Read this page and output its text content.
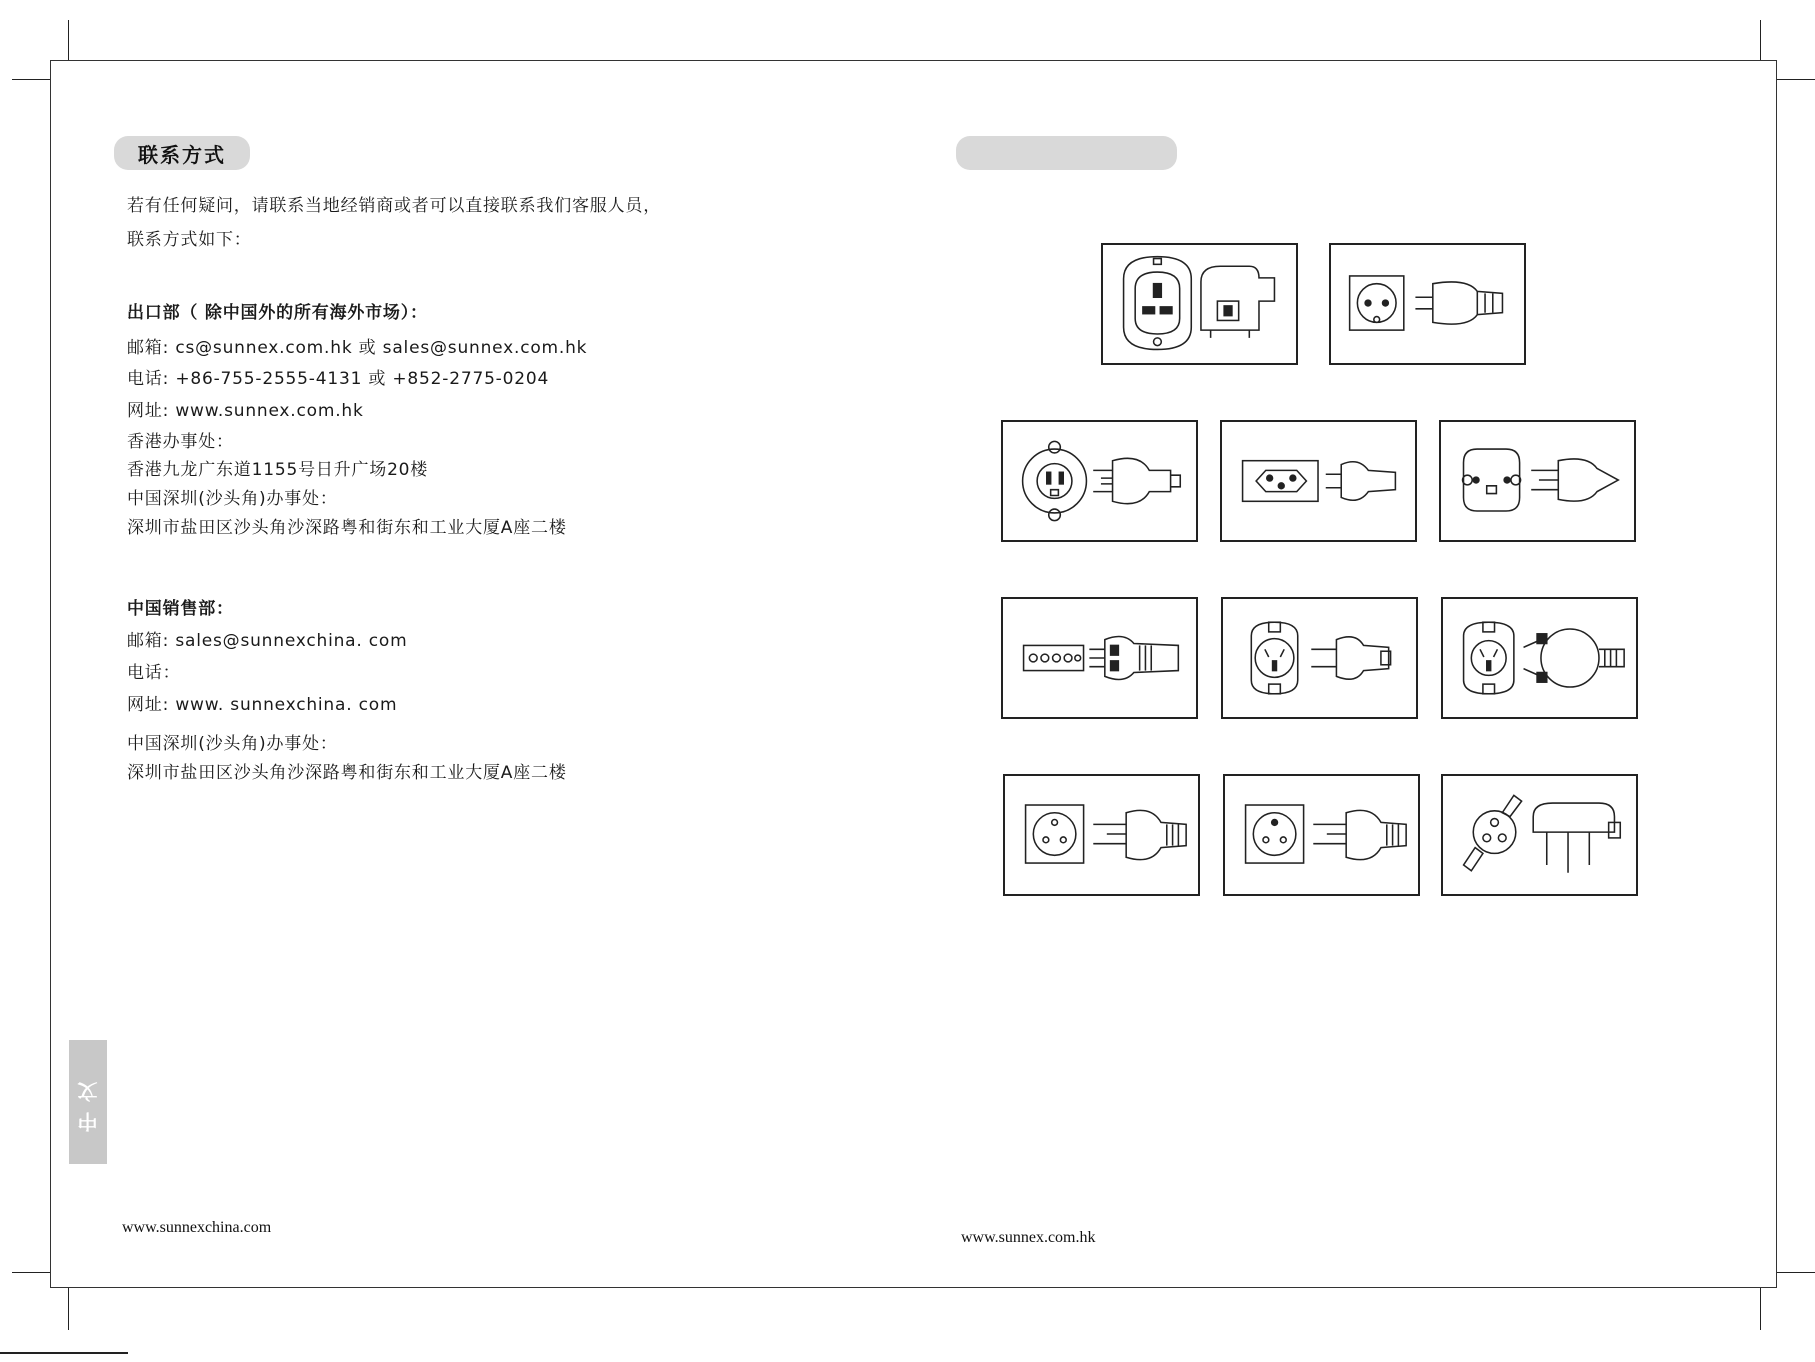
联系方式
若有任何疑问，请联系当地经销商或者可以直接联系我们客服人员，
联系方式如下：
出口部（ 除中国外的所有海外市场）：
邮箱: cs@sunnex.com.hk 或 sales@sunnex.com.hk
电话: +86-755-2555-4131 或 +852-2775-0204
网址: www.sunnex.com.hk
香港办事处：
香港九龙广东道1155号日升广场20楼
中国深圳(沙头角)办事处：
深圳市盐田区沙头角沙深路粤和街东和工业大厦A座二楼
中国销售部：
邮箱: sales@sunnexchina. com
电话：
网址: www. sunnexchina. com
中国深圳(沙头角)办事处：
深圳市盐田区沙头角沙深路粤和街东和工业大厦A座二楼
中文
www.sunnexchina.com
www.sunnex.com.hk
